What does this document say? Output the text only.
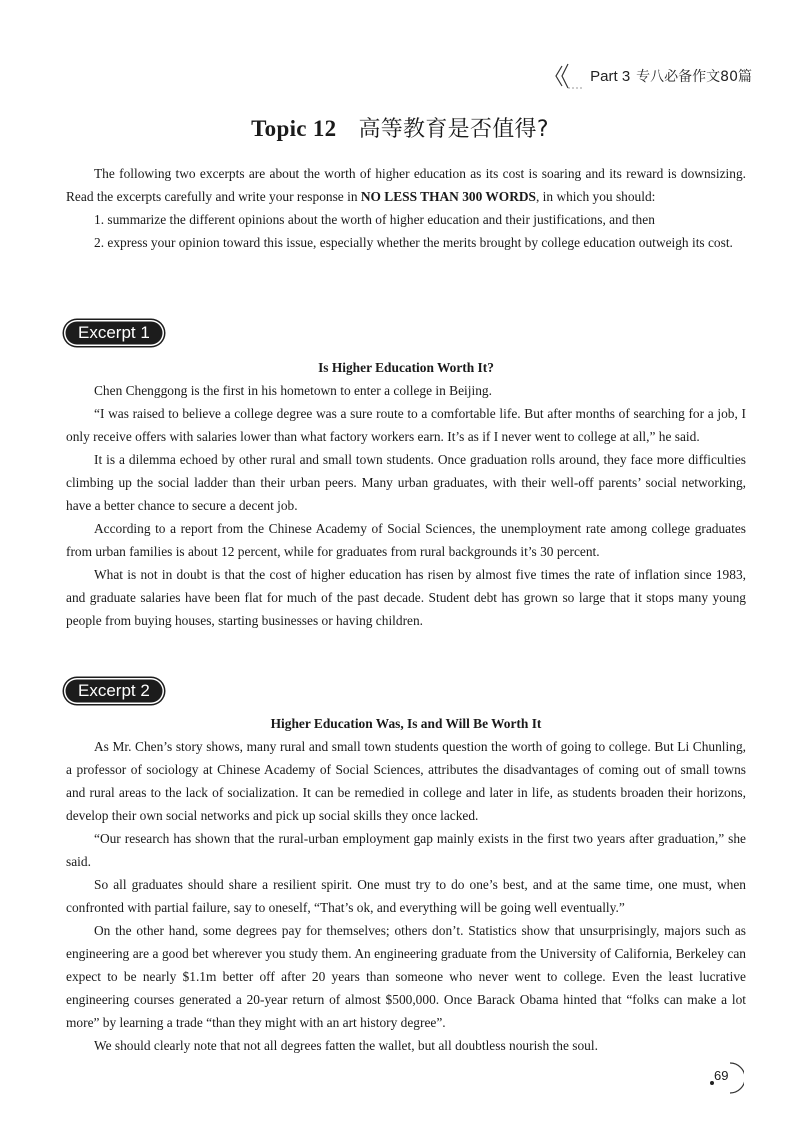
Part 3 专八必备作文80篇
Topic 12 高等教育是否值得?

The following two excerpts are about the worth of higher education as its cost is soaring and its reward is downsizing. Read the excerpts carefully and write your response in NO LESS THAN 300 WORDS, in which you should:

1. summarize the different opinions about the worth of higher education and their justifications, and then

2. express your opinion toward this issue, especially whether the merits brought by college education outweigh its cost.

Excerpt 1

Is Higher Education Worth It?

Chen Chenggong is the first in his hometown to enter a college in Beijing.

“I was raised to believe a college degree was a sure route to a comfortable life. But after months of searching for a job, I only receive offers with salaries lower than what factory workers earn. It’s as if I never went to college at all,” he said.

It is a dilemma echoed by other rural and small town students. Once graduation rolls around, they face more difficulties climbing up the social ladder than their urban peers. Many urban graduates, with their well-off parents’ social networking, have a better chance to secure a decent job.

According to a report from the Chinese Academy of Social Sciences, the unemployment rate among college graduates from urban families is about 12 percent, while for graduates from rural backgrounds it’s 30 percent.

What is not in doubt is that the cost of higher education has risen by almost five times the rate of inflation since 1983, and graduate salaries have been flat for much of the past decade. Student debt has grown so large that it stops many young people from buying houses, starting businesses or having children.

Excerpt 2

Higher Education Was, Is and Will Be Worth It

As Mr. Chen’s story shows, many rural and small town students question the worth of going to college. But Li Chunling, a professor of sociology at Chinese Academy of Social Sciences, attributes the disadvantages of coming out of small towns and rural areas to the lack of socialization. It can be remedied in college and later in life, as students broaden their horizons, develop their own social networks and pick up social skills they once lacked.

“Our research has shown that the rural-urban employment gap mainly exists in the first two years after graduation,” she said.

So all graduates should share a resilient spirit. One must try to do one’s best, and at the same time, one must, when confronted with partial failure, say to oneself, “That’s ok, and everything will be going well eventually.”

On the other hand, some degrees pay for themselves; others don’t. Statistics show that unsurprisingly, majors such as engineering are a good bet wherever you study them. An engineering graduate from the University of California, Berkeley can expect to be nearly $1.1m better off after 20 years than someone who never went to college. Even the least lucrative engineering courses generated a 20-year return of almost $500,000. Once Barack Obama hinted that “folks can make a lot more” by learning a trade “than they might with an art history degree”.

We should clearly note that not all degrees fatten the wallet, but all doubtless nourish the soul.

69
